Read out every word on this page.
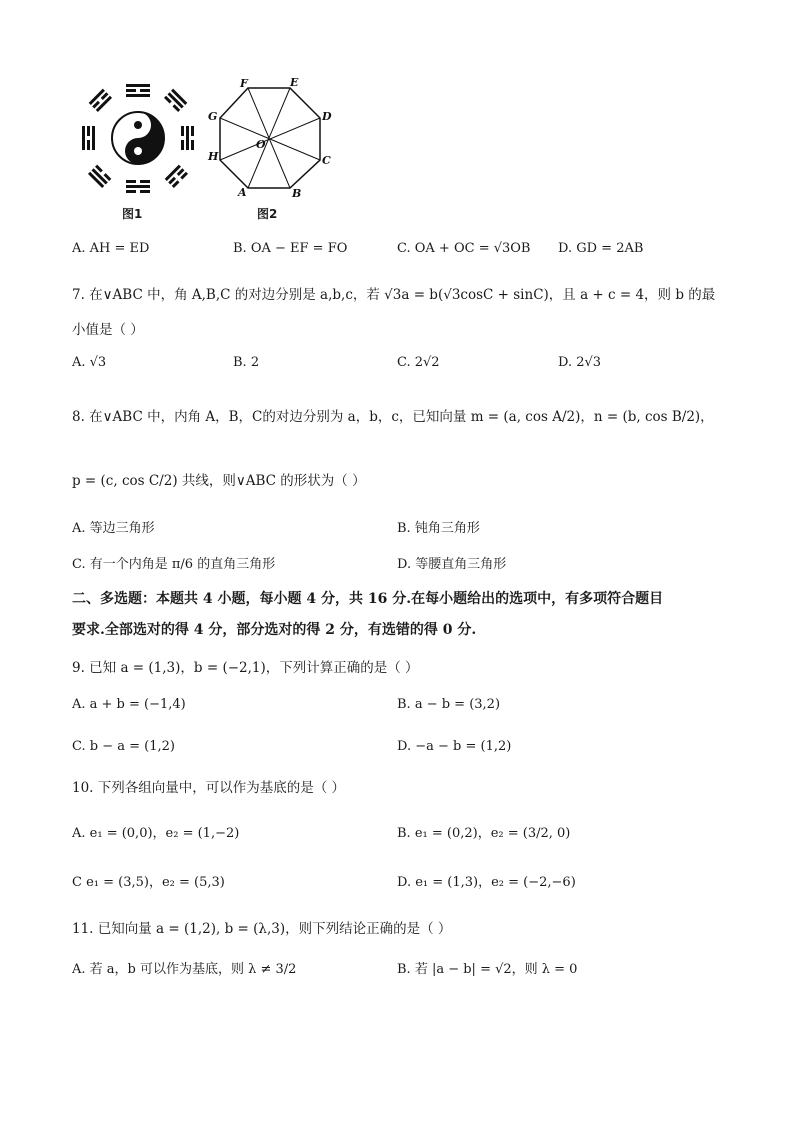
图1
F	E
D
C
B
A
H
G
O
图2
A. AH = ED	B. OA − EF = FO	C. OA + OC = √3OB D. GD = 2AB
7. 在∨ABC 中，角 A,B,C 的对边分别是 a,b,c，若 √3a = b(√3cosC + sinC)，且 a + c = 4，则 b 的最
小值是（ ）
A. √3	B. 2	C. 2√2	D. 2√3
8. 在∨ABC 中，内角 A，B，C的对边分别为 a，b，c，已知向量 m = (a, cos A/2)，n = (b, cos B/2)，
p = (c, cos C/2) 共线，则∨ABC 的形状为（ ）
A. 等边三角形	B. 钝角三角形
C. 有一个内角是 π/6 的直角三角形	D. 等腰直角三角形
二、多选题：本题共 4 小题，每小题 4 分，共 16 分.在每小题给出的选项中，有多项符合题目
要求.全部选对的得 4 分，部分选对的得 2 分，有选错的得 0 分.
9. 已知 a = (1,3)，b = (−2,1)，下列计算正确的是（ ）
A. a + b = (−1,4)	B. a − b = (3,2)
C. b − a = (1,2)	D. −a − b = (1,2)
10. 下列各组向量中，可以作为基底的是（ ）
A. e₁ = (0,0)，e₂ = (1,−2)	B. e₁ = (0,2)，e₂ = (3/2, 0)
C e₁ = (3,5)，e₂ = (5,3)	D. e₁ = (1,3)，e₂ = (−2,−6)
11. 已知向量 a = (1,2), b = (λ,3)，则下列结论正确的是（ ）
A. 若 a，b 可以作为基底，则 λ ≠ 3/2	B. 若 |a − b| = √2，则 λ = 0
